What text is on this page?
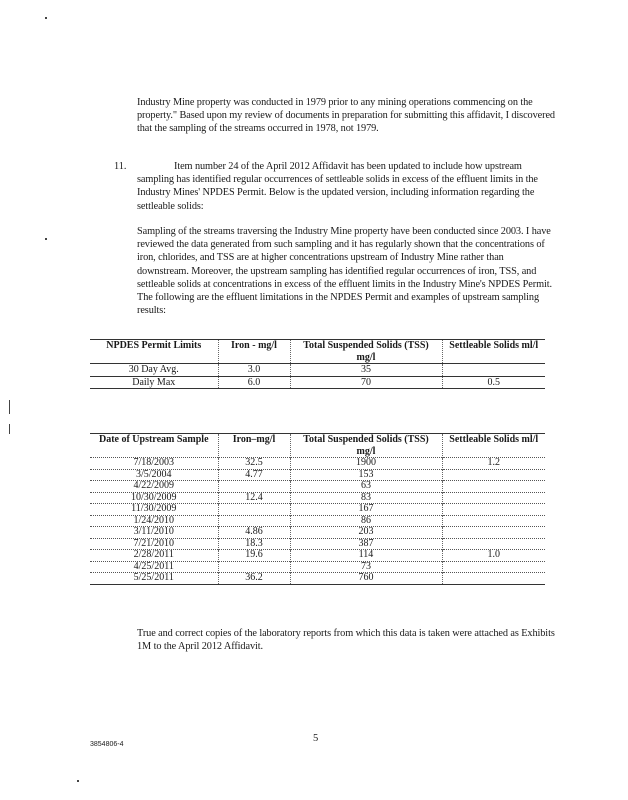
Industry Mine property was conducted in 1979 prior to any mining operations commencing on the property." Based upon my review of documents in preparation for submitting this affidavit, I discovered that the sampling of the streams occurred in 1978, not 1979.

11.	Item number 24 of the April 2012 Affidavit has been updated to include how upstream sampling has identified regular occurrences of settleable solids in excess of the effluent limits in the Industry Mines' NPDES Permit. Below is the updated version, including information regarding the settleable solids:

Sampling of the streams traversing the Industry Mine property have been conducted since 2003. I have reviewed the data generated from such sampling and it has regularly shown that the concentrations of iron, chlorides, and TSS are at higher concentrations upstream of Industry Mine rather than downstream. Moreover, the upstream sampling has identified regular occurrences of iron, TSS, and settleable solids at concentrations in excess of the effluent limits in the Industry Mine's NPDES Permit. The following are the effluent limitations in the NPDES Permit and examples of upstream sampling results:

NPDES Permit Limits	Iron - mg/l	Total Suspended Solids (TSS) mg/l	Settleable Solids ml/l
30 Day Avg.	3.0	35	
Daily Max	6.0	70	0.5
Date of Upstream Sample	Iron–mg/l	Total Suspended Solids (TSS) mg/l	Settleable Solids ml/l
7/18/2003	32.5	1900	1.2
3/5/2004	4.77	153	
4/22/2009		63	
10/30/2009	12.4	83	
11/30/2009		167	
1/24/2010		86	
3/11/2010	4.86	203	
7/21/2010	18.3	387	
2/28/2011	19.6	114	1.0
4/25/2011		73	
5/25/2011	36.2	760	

True and correct copies of the laboratory reports from which this data is taken were attached as Exhibits 1M to the April 2012 Affidavit.

5
3854806-4
